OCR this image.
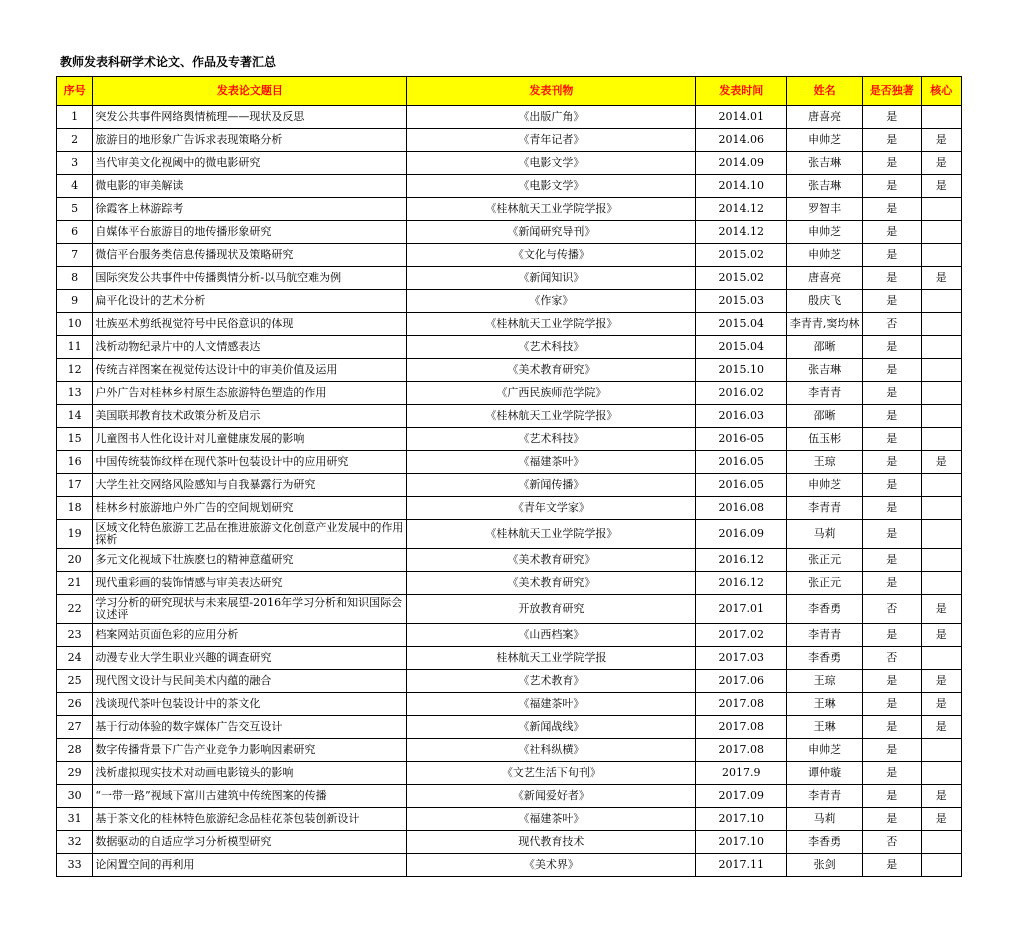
教师发表科研学术论文、作品及专著汇总
序号	发表论文题目	发表刊物	发表时间	姓名	是否独著	核心
1	突发公共事件网络舆情梳理——现状及反思	《出版广角》	2014.01	唐喜亮	是	
2	旅游目的地形象广告诉求表现策略分析	《青年记者》	2014.06	申帅芝	是	是
3	当代审美文化视阈中的微电影研究	《电影文学》	2014.09	张吉琳	是	是
4	微电影的审美解读	《电影文学》	2014.10	张吉琳	是	是
5	徐霞客上林游踪考	《桂林航天工业学院学报》	2014.12	罗智丰	是	
6	自媒体平台旅游目的地传播形象研究	《新闻研究导刊》	2014.12	申帅芝	是	
7	微信平台服务类信息传播现状及策略研究	《文化与传播》	2015.02	申帅芝	是	
8	国际突发公共事件中传播舆情分析-以马航空难为例	《新闻知识》	2015.02	唐喜亮	是	是
9	扁平化设计的艺术分析	《作家》	2015.03	殷庆飞	是	
10	壮族巫术剪纸视觉符号中民俗意识的体现	《桂林航天工业学院学报》	2015.04	李青青,窦均林	否	
11	浅析动物纪录片中的人文情感表达	《艺术科技》	2015.04	邵晰	是	
12	传统吉祥图案在视觉传达设计中的审美价值及运用	《美术教育研究》	2015.10	张吉琳	是	
13	户外广告对桂林乡村原生态旅游特色塑造的作用	《广西民族师范学院》	2016.02	李青青	是	
14	美国联邦教育技术政策分析及启示	《桂林航天工业学院学报》	2016.03	邵晰	是	
15	儿童图书人性化设计对儿童健康发展的影响	《艺术科技》	2016-05	伍玉彬	是	
16	中国传统装饰纹样在现代茶叶包装设计中的应用研究	《福建茶叶》	2016.05	王琼	是	是
17	大学生社交网络风险感知与自我暴露行为研究	《新闻传播》	2016.05	申帅芝	是	
18	桂林乡村旅游地户外广告的空间规划研究	《青年文学家》	2016.08	李青青	是	
19	区域文化特色旅游工艺品在推进旅游文化创意产业发展中的作用探析	《桂林航天工业学院学报》	2016.09	马莉	是	
20	多元文化视域下壮族麽乜的精神意蕴研究	《美术教育研究》	2016.12	张正元	是	
21	现代重彩画的装饰情感与审美表达研究	《美术教育研究》	2016.12	张正元	是	
22	学习分析的研究现状与未来展望-2016年学习分析和知识国际会议述评	开放教育研究	2017.01	李香勇	否	是
23	档案网站页面色彩的应用分析	《山西档案》	2017.02	李青青	是	是
24	动漫专业大学生职业兴趣的调查研究	桂林航天工业学院学报	2017.03	李香勇	否	
25	现代图文设计与民间美术内蕴的融合	《艺术教育》	2017.06	王琼	是	是
26	浅谈现代茶叶包装设计中的茶文化	《福建茶叶》	2017.08	王琳	是	是
27	基于行动体验的数字媒体广告交互设计	《新闻战线》	2017.08	王琳	是	是
28	数字传播背景下广告产业竞争力影响因素研究	《社科纵横》	2017.08	申帅芝	是	
29	浅析虚拟现实技术对动画电影镜头的影响	《文艺生活下旬刊》	2017.9	谭仲璇	是	
30	“一带一路”视域下富川古建筑中传统图案的传播	《新闻爱好者》	2017.09	李青青	是	是
31	基于茶文化的桂林特色旅游纪念品桂花茶包装创新设计	《福建茶叶》	2017.10	马莉	是	是
32	数据驱动的自适应学习分析模型研究	现代教育技术	2017.10	李香勇	否	
33	论闲置空间的再利用	《美术界》	2017.11	张剑	是	
